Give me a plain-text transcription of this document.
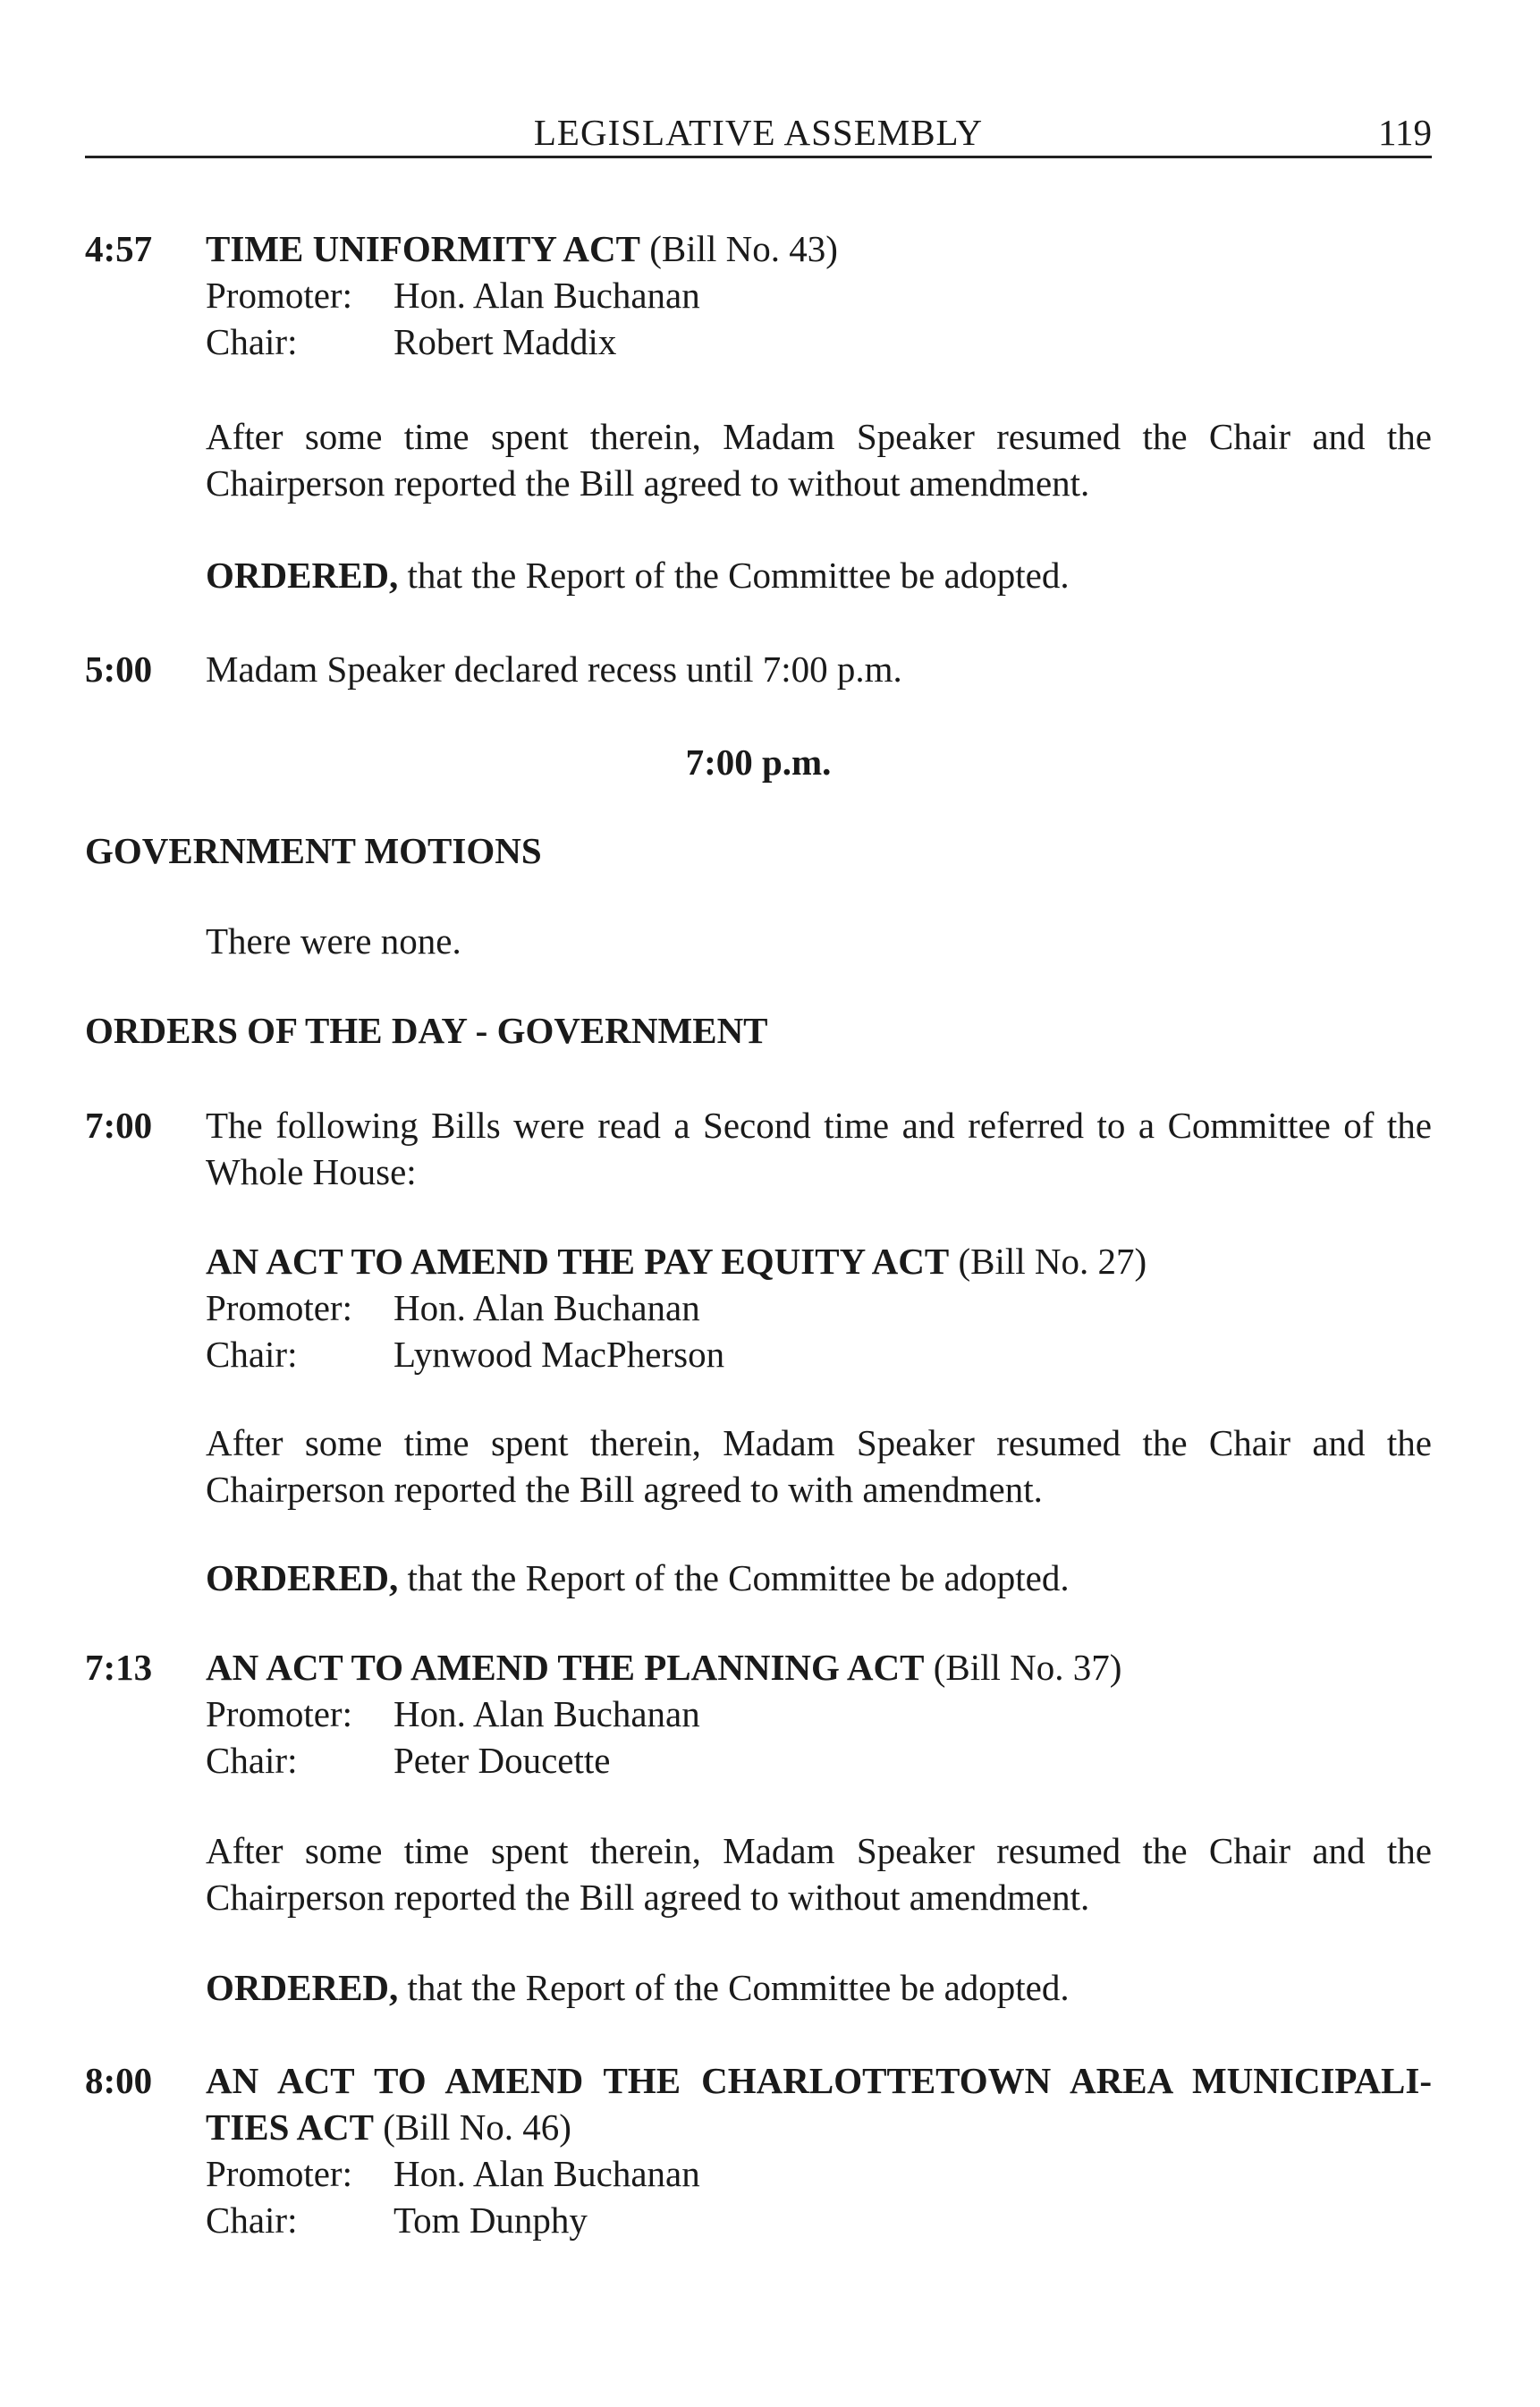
LEGISLATIVE ASSEMBLY	119
4:57 TIME UNIFORMITY ACT (Bill No. 43)
Promoter: Hon. Alan Buchanan
Chair:	Robert Maddix
After some time spent therein, Madam Speaker resumed the Chair and the
Chairperson reported the Bill agreed to without amendment.
ORDERED, that the Report of the Committee be adopted.
5:00 Madam Speaker declared recess until 7:00 p.m.
7:00 p.m.
GOVERNMENT MOTIONS
There were none.
ORDERS OF THE DAY - GOVERNMENT
7:00 The following Bills were read a Second time and referred to a Committee of the
Whole House:
AN ACT TO AMEND THE PAY EQUITY ACT (Bill No. 27)
Promoter: Hon. Alan Buchanan
Chair:	Lynwood MacPherson
After some time spent therein, Madam Speaker resumed the Chair and the
Chairperson reported the Bill agreed to with amendment.
ORDERED, that the Report of the Committee be adopted.
7:13 AN ACT TO AMEND THE PLANNING ACT (Bill No. 37)
Promoter: Hon. Alan Buchanan
Chair:	Peter Doucette
After some time spent therein, Madam Speaker resumed the Chair and the
Chairperson reported the Bill agreed to without amendment.
ORDERED, that the Report of the Committee be adopted.
8:00 AN ACT TO AMEND THE CHARLOTTETOWN AREA MUNICIPALI-
TIES ACT (Bill No. 46)
Promoter: Hon. Alan Buchanan
Chair:	Tom Dunphy
